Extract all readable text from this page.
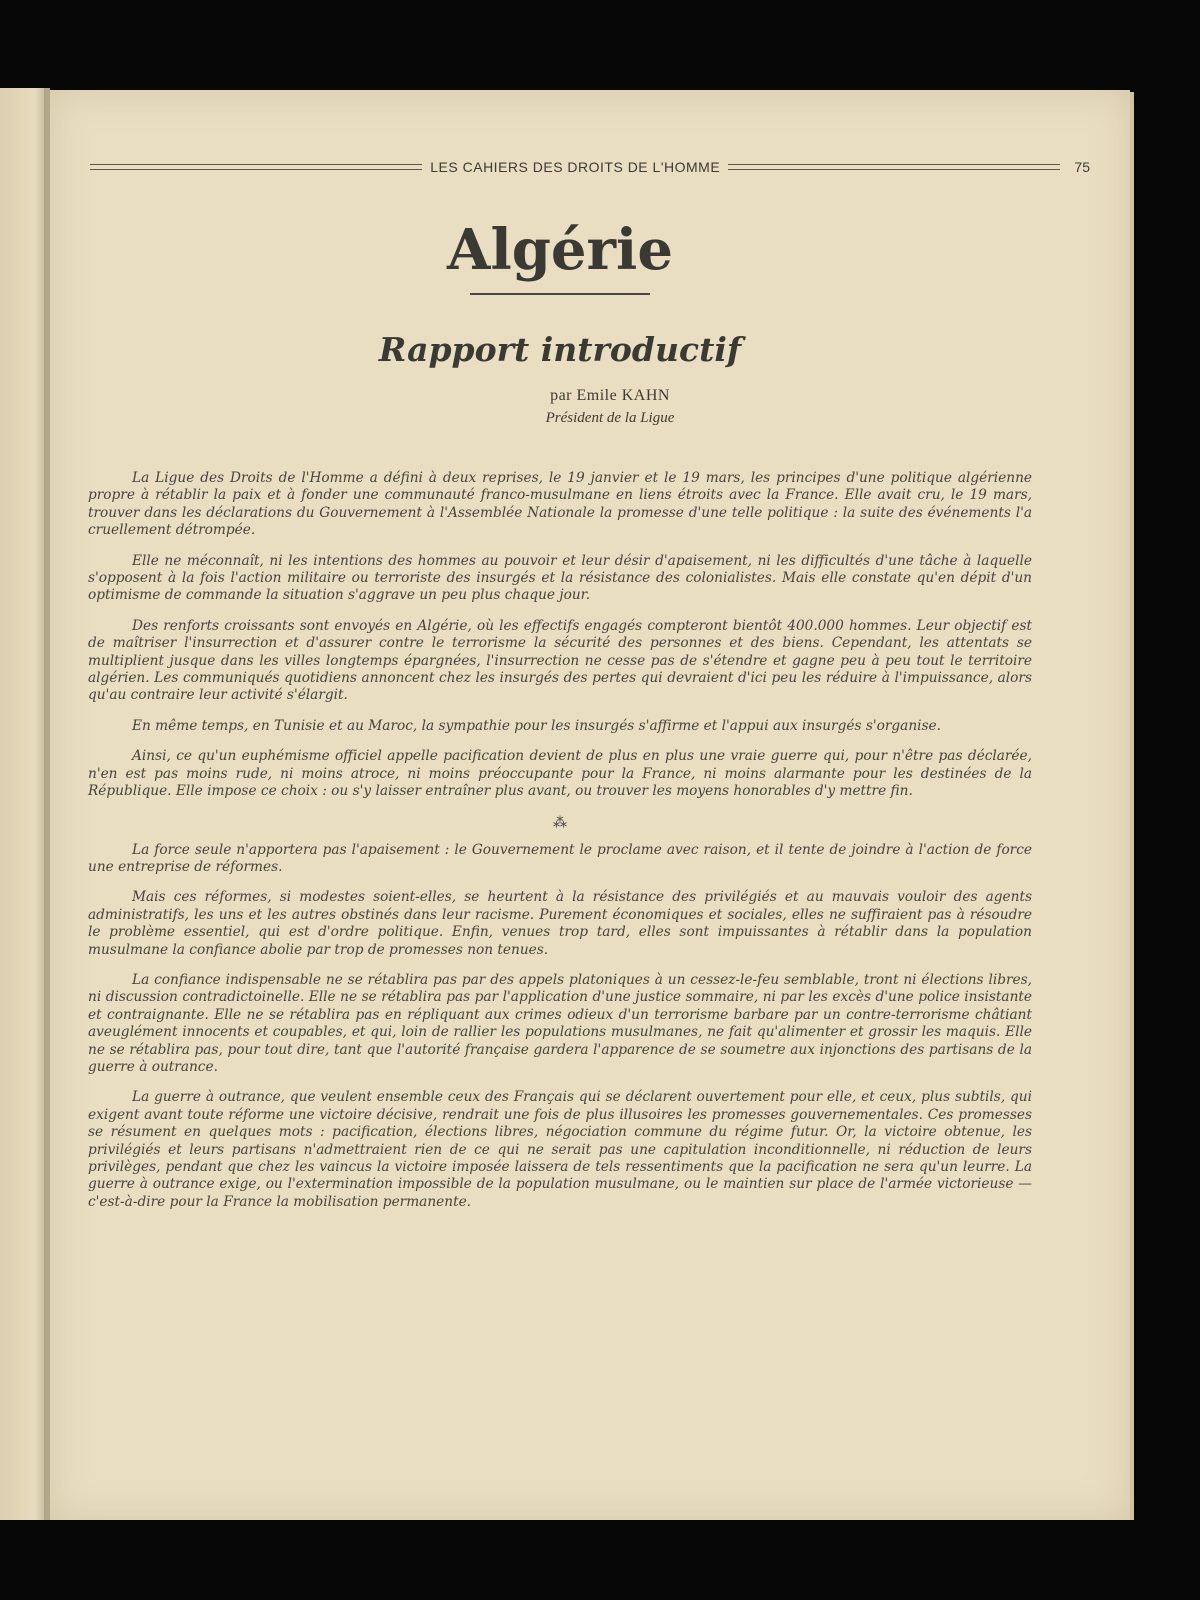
LES CAHIERS DES DROITS DE L'HOMME	75
Algérie
Rapport introductif
par Emile KAHN
Président de la Ligue

La Ligue des Droits de l'Homme a défini à deux reprises, le 19 janvier et le 19 mars, les principes d'une politique algérienne propre à rétablir la paix et à fonder une communauté franco-musulmane en liens étroits avec la France. Elle avait cru, le 19 mars, trouver dans les déclarations du Gouvernement à l'Assemblée Nationale la promesse d'une telle politique : la suite des événements l'a cruellement détrompée.

Elle ne méconnaît, ni les intentions des hommes au pouvoir et leur désir d'apaisement, ni les difficultés d'une tâche à laquelle s'opposent à la fois l'action militaire ou terroriste des insurgés et la résistance des colonialistes. Mais elle constate qu'en dépit d'un optimisme de commande la situation s'aggrave un peu plus chaque jour.

Des renforts croissants sont envoyés en Algérie, où les effectifs engagés compteront bientôt 400.000 hommes. Leur objectif est de maîtriser l'insurrection et d'assurer contre le terrorisme la sécurité des personnes et des biens. Cependant, les attentats se multiplient jusque dans les villes longtemps épargnées, l'insurrection ne cesse pas de s'étendre et gagne peu à peu tout le territoire algérien. Les communiqués quotidiens annoncent chez les insurgés des pertes qui devraient d'ici peu les réduire à l'impuissance, alors qu'au contraire leur activité s'élargit.

En même temps, en Tunisie et au Maroc, la sympathie pour les insurgés s'affirme et l'appui aux insurgés s'organise.

Ainsi, ce qu'un euphémisme officiel appelle pacification devient de plus en plus une vraie guerre qui, pour n'être pas déclarée, n'en est pas moins rude, ni moins atroce, ni moins préoccupante pour la France, ni moins alarmante pour les destinées de la République. Elle impose ce choix : ou s'y laisser entraîner plus avant, ou trouver les moyens honorables d'y mettre fin.

⁂

La force seule n'apportera pas l'apaisement : le Gouvernement le proclame avec raison, et il tente de joindre à l'action de force une entreprise de réformes.

Mais ces réformes, si modestes soient-elles, se heurtent à la résistance des privilégiés et au mauvais vouloir des agents administratifs, les uns et les autres obstinés dans leur racisme. Purement économiques et sociales, elles ne suffiraient pas à résoudre le problème essentiel, qui est d'ordre politique. Enfin, venues trop tard, elles sont impuissantes à rétablir dans la population musulmane la confiance abolie par trop de promesses non tenues.

La confiance indispensable ne se rétablira pas par des appels platoniques à un cessez-le-feu semblable, tront ni élections libres, ni discussion contradictoinelle. Elle ne se rétablira pas par l'application d'une justice sommaire, ni par les excès d'une police insistante et contraignante. Elle ne se rétablira pas en répliquant aux crimes odieux d'un terrorisme barbare par un contre-terrorisme châtiant aveuglément innocents et coupables, et qui, loin de rallier les populations musulmanes, ne fait qu'alimenter et grossir les maquis. Elle ne se rétablira pas, pour tout dire, tant que l'autorité française gardera l'apparence de se soumetre aux injonctions des partisans de la guerre à outrance.

La guerre à outrance, que veulent ensemble ceux des Français qui se déclarent ouvertement pour elle, et ceux, plus subtils, qui exigent avant toute réforme une victoire décisive, rendrait une fois de plus illusoires les promesses gouvernementales. Ces promesses se résument en quelques mots : pacification, élections libres, négociation commune du régime futur. Or, la victoire obtenue, les privilégiés et leurs partisans n'admettraient rien de ce qui ne serait pas une capitulation inconditionnelle, ni réduction de leurs privilèges, pendant que chez les vaincus la victoire imposée laissera de tels ressentiments que la pacification ne sera qu'un leurre. La guerre à outrance exige, ou l'extermination impossible de la population musulmane, ou le maintien sur place de l'armée victorieuse — c'est-à-dire pour la France la mobilisation permanente.
